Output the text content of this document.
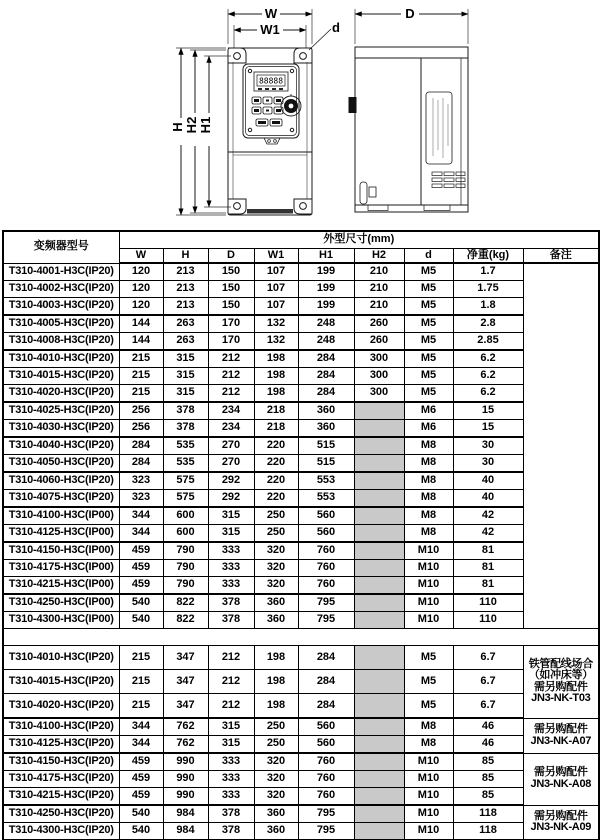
88888
W
W1
D
d
H H2 H1
变频器型号	外型尺寸(mm)								
	W	H	D	W1	H1	H2	d	净重(kg)	备注
T310-4001-H3C(IP20)	120	213	150	107	199	210	M5	1.7	
T310-4002-H3C(IP20)	120	213	150	107	199	210	M5	1.75	
T310-4003-H3C(IP20)	120	213	150	107	199	210	M5	1.8	
T310-4005-H3C(IP20)	144	263	170	132	248	260	M5	2.8	
T310-4008-H3C(IP20)	144	263	170	132	248	260	M5	2.85	
T310-4010-H3C(IP20)	215	315	212	198	284	300	M5	6.2	
T310-4015-H3C(IP20)	215	315	212	198	284	300	M5	6.2	
T310-4020-H3C(IP20)	215	315	212	198	284	300	M5	6.2	
T310-4025-H3C(IP20)	256	378	234	218	360		M6	15	
T310-4030-H3C(IP20)	256	378	234	218	360		M6	15	
T310-4040-H3C(IP20)	284	535	270	220	515		M8	30	
T310-4050-H3C(IP20)	284	535	270	220	515		M8	30	
T310-4060-H3C(IP20)	323	575	292	220	553		M8	40	
T310-4075-H3C(IP20)	323	575	292	220	553		M8	40	
T310-4100-H3C(IP00)	344	600	315	250	560		M8	42	
T310-4125-H3C(IP00)	344	600	315	250	560		M8	42	
T310-4150-H3C(IP00)	459	790	333	320	760		M10	81	
T310-4175-H3C(IP00)	459	790	333	320	760		M10	81	
T310-4215-H3C(IP00)	459	790	333	320	760		M10	81	
T310-4250-H3C(IP00)	540	822	378	360	795		M10	110	
T310-4300-H3C(IP00)	540	822	378	360	795		M10	110	

T310-4010-H3C(IP20)	215	347	212	198	284		M5	6.7	铁管配线场合
（如冲床等）
需另购配件
JN3-NK-T03

T310-4015-H3C(IP20)	215	347	212	198	284		M5	6.7	
T310-4020-H3C(IP20)	215	347	212	198	284		M5	6.7	
T310-4100-H3C(IP20)	344	762	315	250	560		M8	46	需另购配件
JN3-NK-A07

T310-4125-H3C(IP20)	344	762	315	250	560		M8	46	
T310-4150-H3C(IP20)	459	990	333	320	760		M10	85	需另购配件
JN3-NK-A08

T310-4175-H3C(IP20)	459	990	333	320	760		M10	85	
T310-4215-H3C(IP20)	459	990	333	320	760		M10	85	
T310-4250-H3C(IP20)	540	984	378	360	795		M10	118	需另购配件
JN3-NK-A09

T310-4300-H3C(IP20)	540	984	378	360	795		M10	118	
